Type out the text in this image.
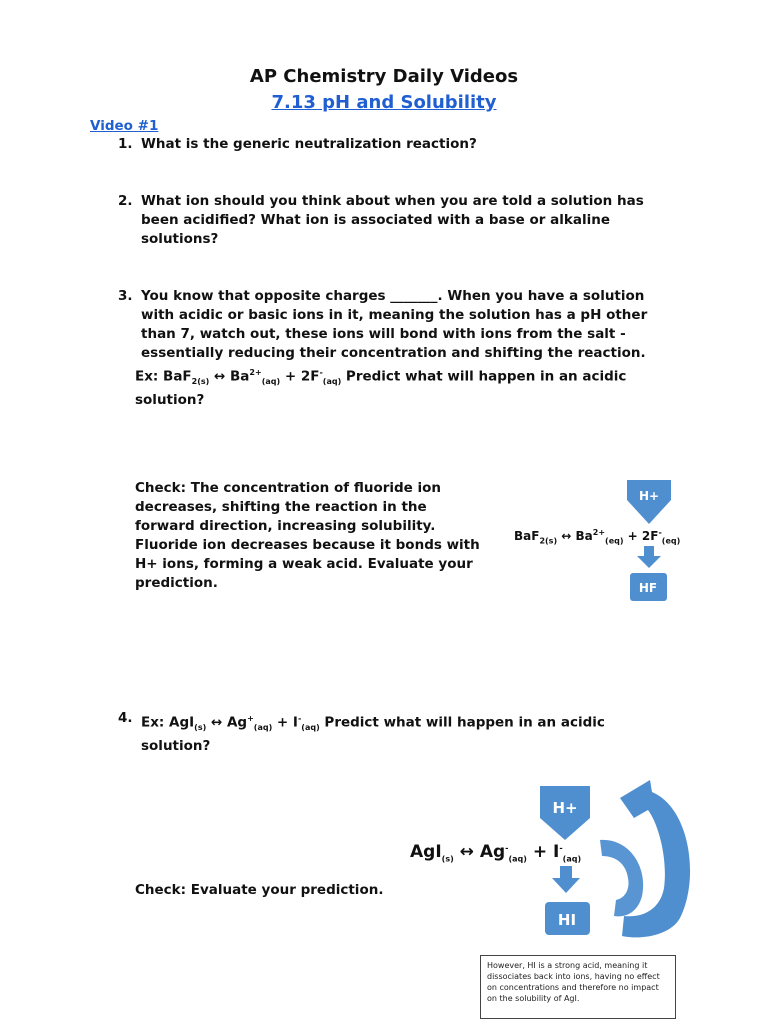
AP Chemistry Daily Videos
7.13 pH and Solubility
Video #1
1. What is the generic neutralization reaction?
2. What ion should you think about when you are told a solution has
been acidified? What ion is associated with a base or alkaline
solutions?
3. You know that opposite charges _______. When you have a solution
with acidic or basic ions in it, meaning the solution has a pH other
than 7, watch out, these ions will bond with ions from the salt -
essentially reducing their concentration and shifting the reaction.
Ex: BaF$_{2(s)}$ ↔ $Ba^{2+}_{(aq)} + 2F^-_{(aq)}$ Predict what will happen in an acidic
solution?
Check: The concentration of fluoride ion
decreases, shifting the reaction in the
forward direction, increasing solubility.
Fluoride ion decreases because it bonds with
H+ ions, forming a weak acid. Evaluate your
prediction.
H+
HF
BaF$_{2(s)}$ ↔ $Ba^{2+}_{(eq)} + 2F^-_{(eq)}$
4. Ex: AgI$_{(s)}$ ↔ $Ag^+_{(aq)} + I^-_{(aq)}$ Predict what will happen in an acidic
solution?
Check: Evaluate your prediction.
H+
HI
AgI$_{(s)}$ ↔ $Ag^-_{(aq)} + I^-_{(aq)}$
However, HI is a strong acid, meaning it dissociates back into ions, having no effect on concentrations and therefore no impact on the solubility of AgI.
